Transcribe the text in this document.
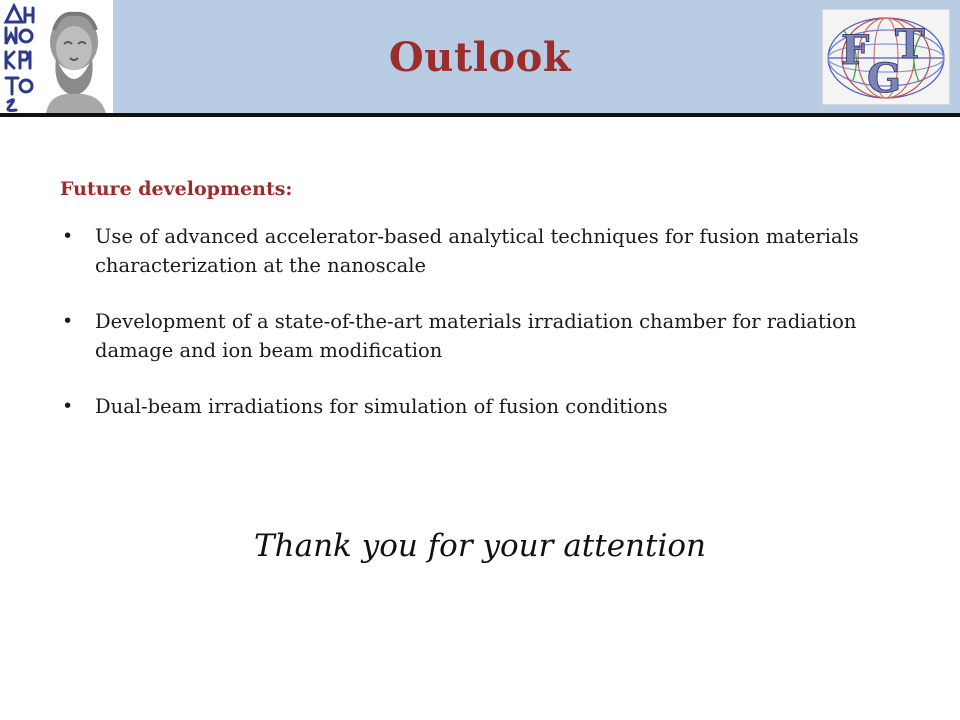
Outlook	F T
G
Future developments:
• Use of advanced accelerator-based analytical techniques for fusion materials characterization at the nanoscale
• Development of a state-of-the-art materials irradiation chamber for radiation damage and ion beam modification
• Dual-beam irradiations for simulation of fusion conditions
Thank you for your attention
